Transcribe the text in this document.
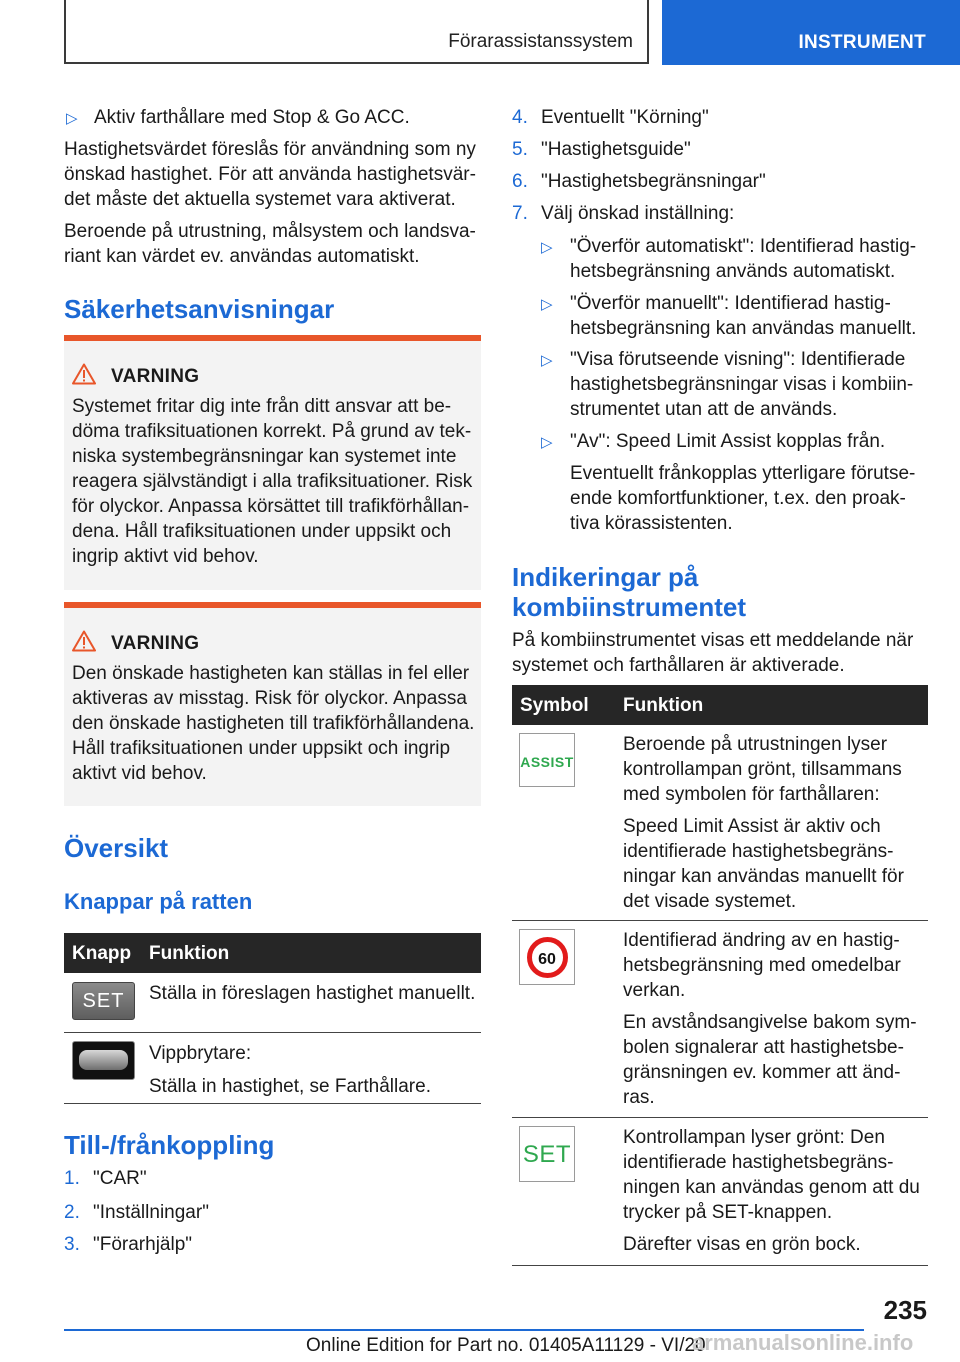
Förarassistanssystem	INSTRUMENT
▷ Aktiv farthållare med Stop & Go ACC.
Hastighetsvärdet föreslås för användning som ny
önskad hastighet. För att använda hastighetsvär-
det måste det aktuella systemet vara aktiverat.
Beroende på utrustning, målsystem och landsva-
riant kan värdet ev. användas automatiskt.
Säkerhetsanvisningar
VARNING
Systemet fritar dig inte från ditt ansvar att be-
döma trafiksituationen korrekt. På grund av tek-
niska systembegränsningar kan systemet inte
reagera självständigt i alla trafiksituationer. Risk
för olyckor. Anpassa körsättet till trafikförhållan-
dena. Håll trafiksituationen under uppsikt och
ingrip aktivt vid behov.
VARNING
Den önskade hastigheten kan ställas in fel eller
aktiveras av misstag. Risk för olyckor. Anpassa
den önskade hastigheten till trafikförhållandena.
Håll trafiksituationen under uppsikt och ingrip
aktivt vid behov.
Översikt
Knappar på ratten
Knapp Funktion
SET	Ställa in föreslagen hastighet manuellt.
Vippbrytare:
Ställa in hastighet, se Farthållare.
Till-/frånkoppling
1. "CAR"
2. "Inställningar"
3. "Förarhjälp"
4. Eventuellt "Körning"
5. "Hastighetsguide"
6. "Hastighetsbegränsningar"
7. Välj önskad inställning:
▷ "Överför automatiskt": Identifierad hastig-
hetsbegränsning används automatiskt.
▷ "Överför manuellt": Identifierad hastig-
hetsbegränsning kan användas manuellt.
▷ "Visa förutseende visning": Identifierade
hastighetsbegränsningar visas i kombiin-
strumentet utan att de används.
▷ "Av": Speed Limit Assist kopplas från.
Eventuellt frånkopplas ytterligare förutse-
ende komfortfunktioner, t.ex. den proak-
tiva körassistenten.
Indikeringar på
kombiinstrumentet
På kombiinstrumentet visas ett meddelande när
systemet och farthållaren är aktiverade.
Symbol Funktion
ASSIST
Beroende på utrustningen lyser
kontrollampan grönt, tillsammans
med symbolen för farthållaren:
Speed Limit Assist är aktiv och
identifierade hastighetsbegräns-
ningar kan användas manuellt för
det visade systemet.
60
Identifierad ändring av en hastig-
hetsbegränsning med omedelbar
verkan.
En avståndsangivelse bakom sym-
bolen signalerar att hastighetsbe-
gränsningen ev. kommer att änd-
ras.
SET
Kontrollampan lyser grönt: Den
identifierade hastighetsbegräns-
ningen kan användas genom att du
trycker på SET-knappen.
Därefter visas en grön bock.
235
Online Edition for Part no. 01405A11129 - VI/20
armanualsonline.info
